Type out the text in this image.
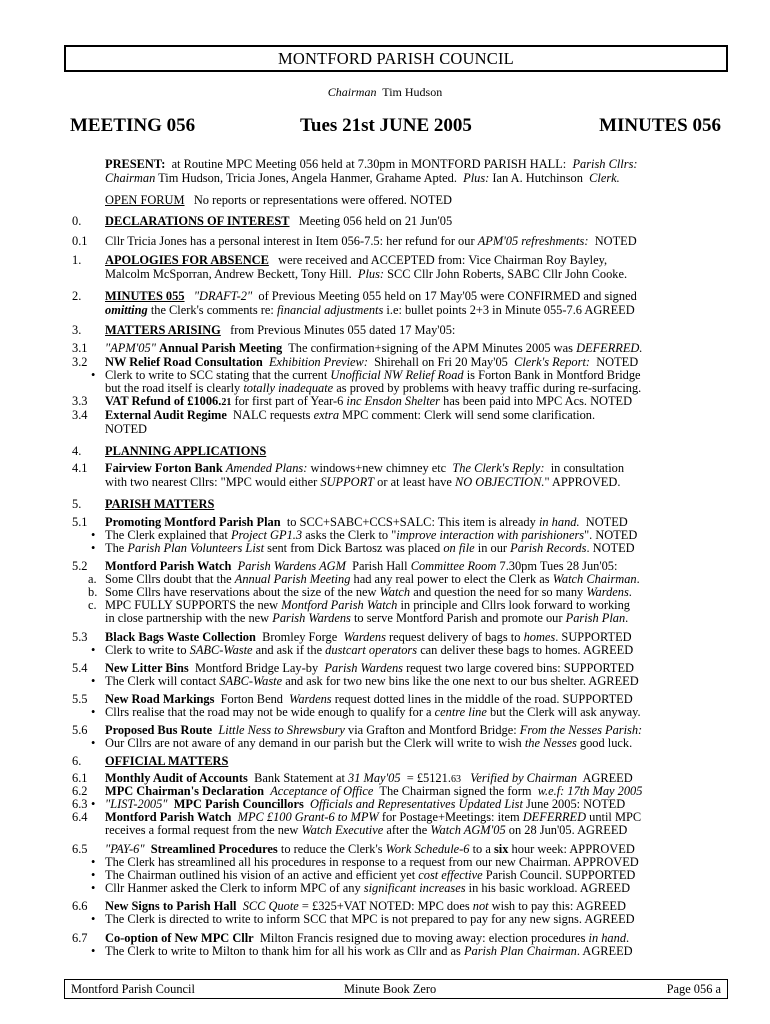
MONTFORD PARISH COUNCIL
Chairman Tim Hudson
MEETING 056	Tues 21st JUNE 2005	MINUTES 056
PRESENT: at Routine MPC Meeting 056 held at 7.30pm in MONTFORD PARISH HALL: Parish Cllrs:
Chairman Tim Hudson, Tricia Jones, Angela Hanmer, Grahame Apted. Plus: Ian A. Hutchinson Clerk.
OPEN FORUM No reports or representations were offered. NOTED
0.	DECLARATIONS OF INTEREST Meeting 056 held on 21 Jun'05
0.1	Cllr Tricia Jones has a personal interest in Item 056-7.5: her refund for our APM'05 refreshments: NOTED
1.	APOLOGIES FOR ABSENCE were received and ACCEPTED from: Vice Chairman Roy Bayley,
Malcolm McSporran, Andrew Beckett, Tony Hill. Plus: SCC Cllr John Roberts, SABC Cllr John Cooke.
2.	MINUTES 055 "DRAFT-2" of Previous Meeting 055 held on 17 May'05 were CONFIRMED and signed
omitting the Clerk's comments re: financial adjustments i.e: bullet points 2+3 in Minute 055-7.6 AGREED
3.	MATTERS ARISING from Previous Minutes 055 dated 17 May'05:
3.1	"APM'05" Annual Parish Meeting The confirmation+signing of the APM Minutes 2005 was DEFERRED.
3.2	NW Relief Road Consultation Exhibition Preview: Shirehall on Fri 20 May'05 Clerk's Report: NOTED
• Clerk to write to SCC stating that the current Unofficial NW Relief Road is Forton Bank in Montford Bridge
but the road itself is clearly totally inadequate as proved by problems with heavy traffic during re-surfacing.
3.3	VAT Refund of £1006.21 for first part of Year-6 inc Ensdon Shelter has been paid into MPC Acs. NOTED
3.4	External Audit Regime NALC requests extra MPC comment: Clerk will send some clarification.
NOTED
4.	PLANNING APPLICATIONS
4.1	Fairview Forton Bank Amended Plans: windows+new chimney etc The Clerk's Reply: in consultation
with two nearest Cllrs: "MPC would either SUPPORT or at least have NO OBJECTION." APPROVED.
5.	PARISH MATTERS
5.1	Promoting Montford Parish Plan to SCC+SABC+CCS+SALC: This item is already in hand. NOTED
• The Clerk explained that Project GP1.3 asks the Clerk to "improve interaction with parishioners". NOTED
• The Parish Plan Volunteers List sent from Dick Bartosz was placed on file in our Parish Records. NOTED
5.2	Montford Parish Watch Parish Wardens AGM Parish Hall Committee Room 7.30pm Tues 28 Jun'05:
a. Some Cllrs doubt that the Annual Parish Meeting had any real power to elect the Clerk as Watch Chairman.
b. Some Cllrs have reservations about the size of the new Watch and question the need for so many Wardens.
c. MPC FULLY SUPPORTS the new Montford Parish Watch in principle and Cllrs look forward to working
in close partnership with the new Parish Wardens to serve Montford Parish and promote our Parish Plan.
5.3	Black Bags Waste Collection Bromley Forge Wardens request delivery of bags to homes. SUPPORTED
• Clerk to write to SABC-Waste and ask if the dustcart operators can deliver these bags to homes. AGREED
5.4	New Litter Bins Montford Bridge Lay-by Parish Wardens request two large covered bins: SUPPORTED
• The Clerk will contact SABC-Waste and ask for two new bins like the one next to our bus shelter. AGREED
5.5	New Road Markings Forton Bend Wardens request dotted lines in the middle of the road. SUPPORTED
• Cllrs realise that the road may not be wide enough to qualify for a centre line but the Clerk will ask anyway.
5.6	Proposed Bus Route Little Ness to Shrewsbury via Grafton and Montford Bridge: From the Nesses Parish:
• Our Cllrs are not aware of any demand in our parish but the Clerk will write to wish the Nesses good luck.
6.	OFFICIAL MATTERS
6.1	Monthly Audit of Accounts Bank Statement at 31 May'05 = £5121.63 Verified by Chairman AGREED
6.2	MPC Chairman's Declaration Acceptance of Office The Chairman signed the form w.e.f: 17th May 2005
6.3 • "LIST-2005" MPC Parish Councillors Officials and Representatives Updated List June 2005: NOTED
6.4	Montford Parish Watch MPC £100 Grant-6 to MPW for Postage+Meetings: item DEFERRED until MPC
receives a formal request from the new Watch Executive after the Watch AGM'05 on 28 Jun'05. AGREED
6.5	"PAY-6" Streamlined Procedures to reduce the Clerk's Work Schedule-6 to a six hour week: APPROVED
• The Clerk has streamlined all his procedures in response to a request from our new Chairman. APPROVED
• The Chairman outlined his vision of an active and efficient yet cost effective Parish Council. SUPPORTED
• Cllr Hanmer asked the Clerk to inform MPC of any significant increases in his basic workload. AGREED
6.6	New Signs to Parish Hall SCC Quote = £325+VAT NOTED: MPC does not wish to pay this: AGREED
• The Clerk is directed to write to inform SCC that MPC is not prepared to pay for any new signs. AGREED
6.7	Co-option of New MPC Cllr Milton Francis resigned due to moving away: election procedures in hand.
• The Clerk to write to Milton to thank him for all his work as Cllr and as Parish Plan Chairman. AGREED
Montford Parish Council	Minute Book Zero	Page 056 a
